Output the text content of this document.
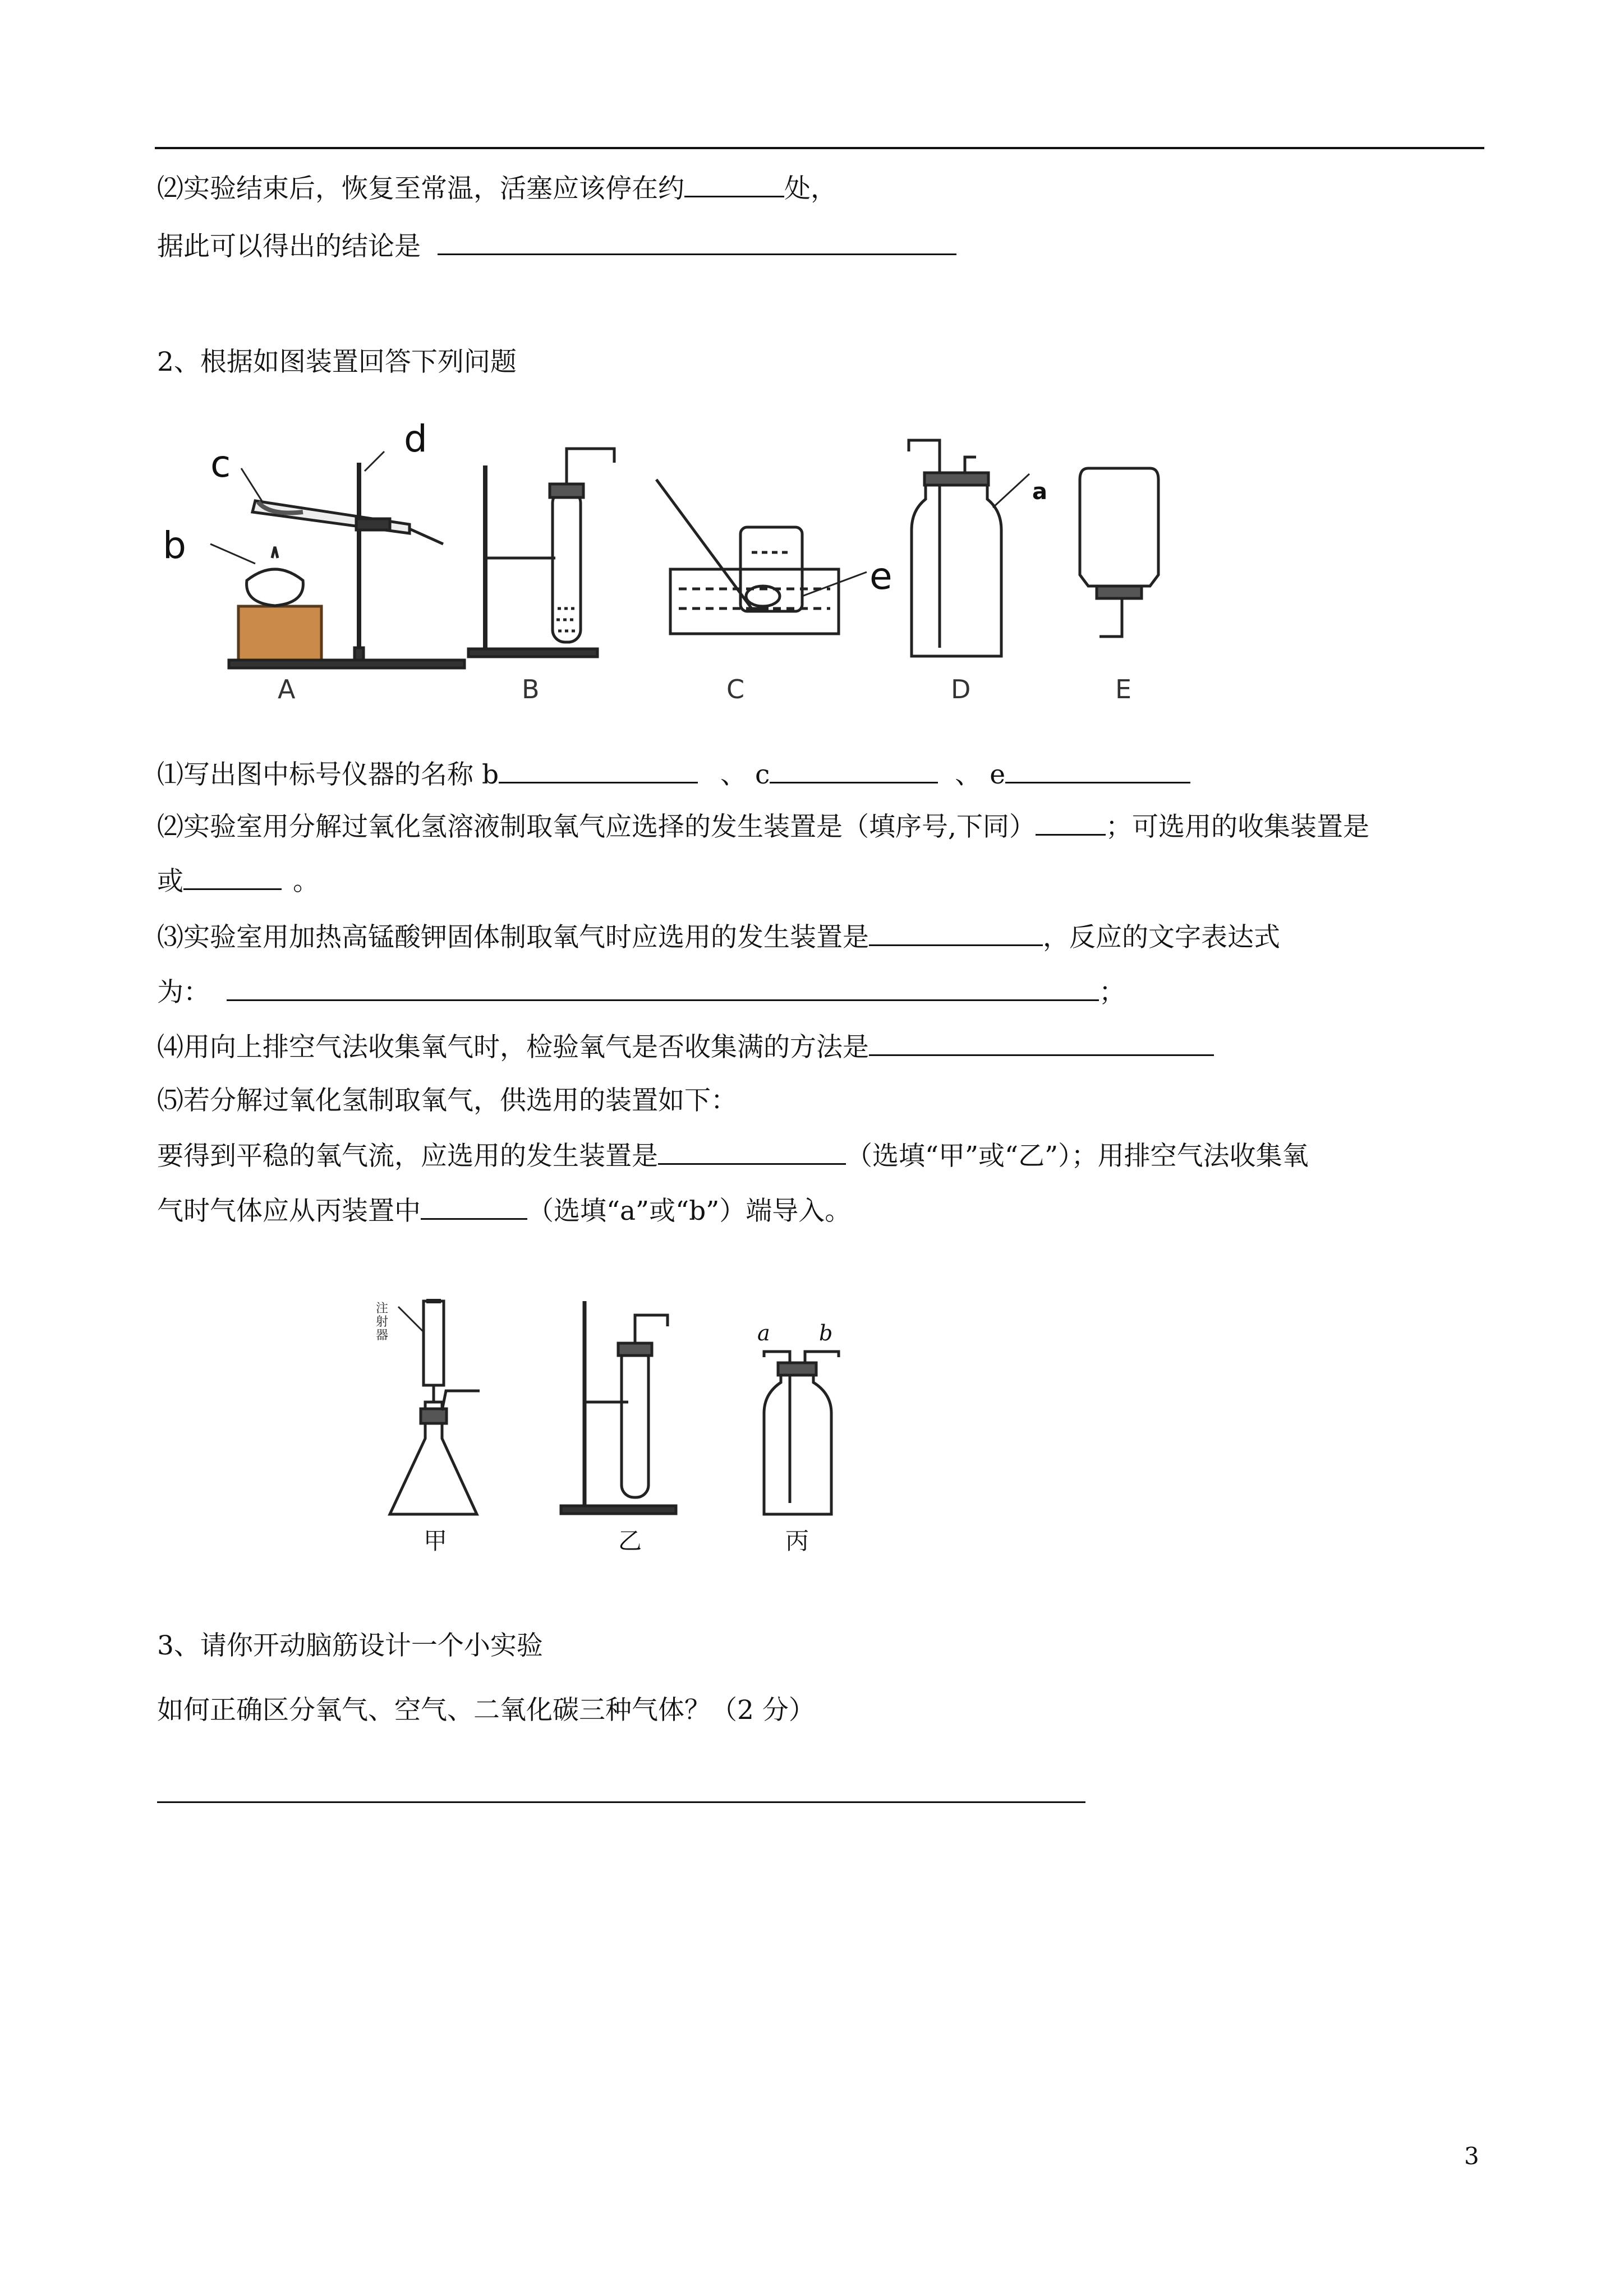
⑵实验结束后，恢复至常温，活塞应该停在约	处，
据此可以得出的结论是
2、根据如图装置回答下列问题
c
b
d
e
a
A	B	C	D	E
⑴写出图中标号仪器的名称 b	、 c	、 e
⑵实验室用分解过氧化氢溶液制取氧气应选择的发生装置是（填序号,下同）	；可选用的收集装置是
或	。
⑶实验室用加热高锰酸钾固体制取氧气时应选用的发生装置是	，反应的文字表达式
为：	；
⑷用向上排空气法收集氧气时，检验氧气是否收集满的方法是
⑸若分解过氧化氢制取氧气，供选用的装置如下：
要得到平稳的氧气流，应选用的发生装置是	（选填“甲”或“乙”）；用排空气法收集氧
气时气体应从丙装置中	（选填“a”或“b”）端导入。
注
射
器	a b
甲	乙	丙
3、请你开动脑筋设计一个小实验
如何正确区分氧气、空气、二氧化碳三种气体？（2 分）
3
